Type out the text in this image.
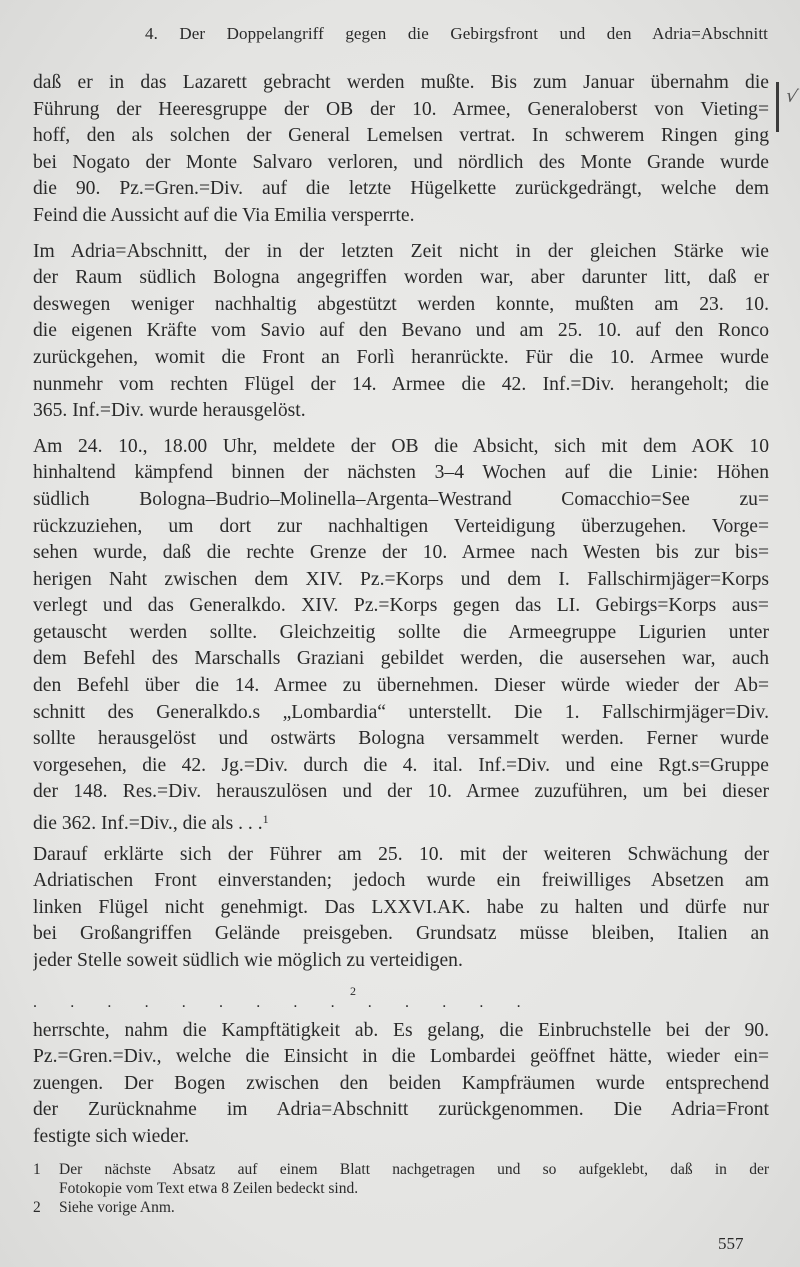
4. Der Doppelangriff gegen die Gebirgsfront und den Adria=Abschnitt
√
daß er in das Lazarett gebracht werden mußte. Bis zum Januar übernahm die
Führung der Heeresgruppe der OB der 10. Armee, Generaloberst von Vieting=
hoff, den als solchen der General Lemelsen vertrat. In schwerem Ringen ging
bei Nogato der Monte Salvaro verloren, und nördlich des Monte Grande wurde
die 90. Pz.=Gren.=Div. auf die letzte Hügelkette zurückgedrängt, welche dem
Feind die Aussicht auf die Via Emilia versperrte.
Im Adria=Abschnitt, der in der letzten Zeit nicht in der gleichen Stärke wie
der Raum südlich Bologna angegriffen worden war, aber darunter litt, daß er
deswegen weniger nachhaltig abgestützt werden konnte, mußten am 23. 10.
die eigenen Kräfte vom Savio auf den Bevano und am 25. 10. auf den Ronco
zurückgehen, womit die Front an Forlì heranrückte. Für die 10. Armee wurde
nunmehr vom rechten Flügel der 14. Armee die 42. Inf.=Div. herangeholt; die
365. Inf.=Div. wurde herausgelöst.
Am 24. 10., 18.00 Uhr, meldete der OB die Absicht, sich mit dem AOK 10
hinhaltend kämpfend binnen der nächsten 3–4 Wochen auf die Linie: Höhen
südlich Bologna–Budrio–Molinella–Argenta–Westrand Comacchio=See zu=
rückzuziehen, um dort zur nachhaltigen Verteidigung überzugehen. Vorge=
sehen wurde, daß die rechte Grenze der 10. Armee nach Westen bis zur bis=
herigen Naht zwischen dem XIV. Pz.=Korps und dem I. Fallschirmjäger=Korps
verlegt und das Generalkdo. XIV. Pz.=Korps gegen das LI. Gebirgs=Korps aus=
getauscht werden sollte. Gleichzeitig sollte die Armeegruppe Ligurien unter
dem Befehl des Marschalls Graziani gebildet werden, die ausersehen war, auch
den Befehl über die 14. Armee zu übernehmen. Dieser würde wieder der Ab=
schnitt des Generalkdo.s „Lombardia“ unterstellt. Die 1. Fallschirmjäger=Div.
sollte herausgelöst und ostwärts Bologna versammelt werden. Ferner wurde
vorgesehen, die 42. Jg.=Div. durch die 4. ital. Inf.=Div. und eine Rgt.s=Gruppe
der 148. Res.=Div. herauszulösen und der 10. Armee zuzuführen, um bei dieser
die 362. Inf.=Div., die als . . .$^1$
Darauf erklärte sich der Führer am 25. 10. mit der weiteren Schwächung der
Adriatischen Front einverstanden; jedoch wurde ein freiwilliges Absetzen am
linken Flügel nicht genehmigt. Das LXXVI.AK. habe zu halten und dürfe nur
bei Großangriffen Gelände preisgeben. Grundsatz müsse bleiben, Italien an
jeder Stelle soweit südlich wie möglich zu verteidigen.
. . . . . . . . . . . . . .
2
herrschte, nahm die Kampftätigkeit ab. Es gelang, die Einbruchstelle bei der 90.
Pz.=Gren.=Div., welche die Einsicht in die Lombardei geöffnet hätte, wieder ein=
zuengen. Der Bogen zwischen den beiden Kampfräumen wurde entsprechend
der Zurücknahme im Adria=Abschnitt zurückgenommen. Die Adria=Front
festigte sich wieder.
1 Der nächste Absatz auf einem Blatt nachgetragen und so aufgeklebt, daß in der
Fotokopie vom Text etwa 8 Zeilen bedeckt sind.
2 Siehe vorige Anm.
557
